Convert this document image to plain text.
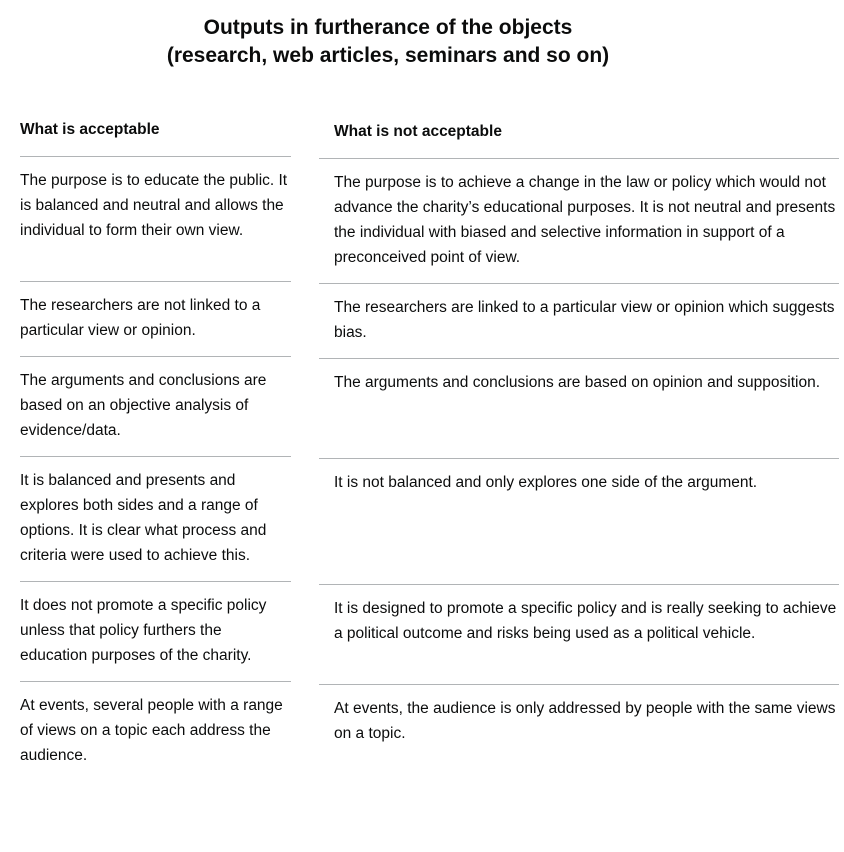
Outputs in furtherance of the objects
(research, web articles, seminars and so on)
What is acceptable
The purpose is to educate the public. It is balanced and neutral and allows the individual to form their own view.
The researchers are not linked to a particular view or opinion.
The arguments and conclusions are based on an objective analysis of evidence/data.
It is balanced and presents and explores both sides and a range of options. It is clear what process and criteria were used to achieve this.
It does not promote a specific policy unless that policy furthers the education purposes of the charity.
At events, several people with a range of views on a topic each address the audience.
What is not acceptable
The purpose is to achieve a change in the law or policy which would not advance the charity’s educational purposes. It is not neutral and presents the individual with biased and selective information in support of a preconceived point of view.
The researchers are linked to a particular view or opinion which suggests bias.
The arguments and conclusions are based on opinion and supposition.
It is not balanced and only explores one side of the argument.
It is designed to promote a specific policy and is really seeking to achieve a political outcome and risks being used as a political vehicle.
At events, the audience is only addressed by people with the same views on a topic.
